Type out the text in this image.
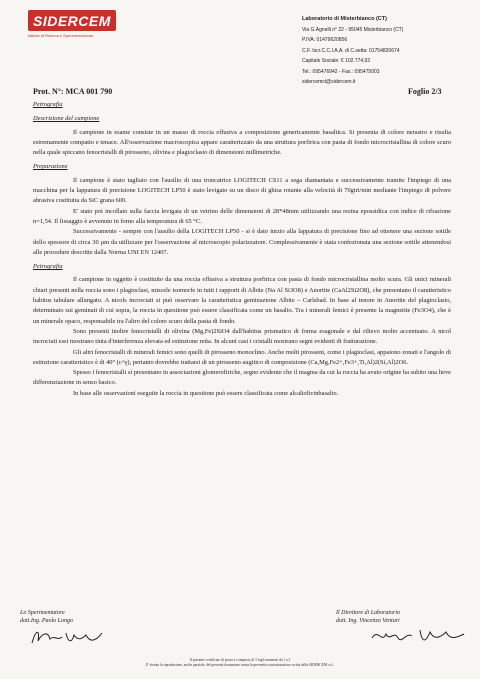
SIDERCEM
Istituto di Ricerca e Sperimentazione
Laboratorio di Misterbianco (CT)
Via G.Agnelli n° 22 - 95045 Misterbianco (CT)
P.IVA: 01479620856
C.F. Iscr.C.C.I.A.A. di C.setta: 01754820674
Capitale Sociale: € 102.774,92
Tel.: 095476942 - Fax.: 095475003
sidercemct@sidercem.it
Prot. N°: MCA 001 790	Foglio 2/3

Petrografia

Descrizione del campione

Il campione in esame consiste in un masso di roccia effusiva a composizione genericamente basaltica. Si presenta di colore nerastro e risulta estremamente compatto e tenace. All'osservazione macroscopica appare caratterizzato da una struttura porfirica con pasta di fondo microcristallina di colore scuro nella quale spiccano fenocristalli di pirosseno, olivina e plagioclasio di dimensioni millimetriche.

Preparazione

Il campione è stato tagliato con l'ausilio di una troncatrice LOGITECH CS11 a sega diamantata e successivamente tramite l'impiego di una macchina per la lappatura di precisione LOGITECH LP50 è stato levigato su un disco di ghisa rotante alla velocità di 70giri/min mediante l'impiego di polvere abrasiva costituita da SiC grana 600.

E' stato poi incollato sulla faccia levigata di un vetrino delle dimensioni di 28*48mm utilizzando una resina epossidica con indice di rifrazione n=1,54. Il fissaggio è avvenuto in forno alla temperatura di 65 °C.

Successivamente - sempre con l'ausilio della LOGITECH LP50 - si è dato inizio alla lappatura di precisione fino ad ottenere una sezione sottile dello spessore di circa 30 µm da utilizzare per l'osservazione al microscopio polarizzatore. Complessivamente è stata confezionata una sezione sottile attenendosi alle procedure descritte dalla Norma UNI EN 12407.

Petrografia

Il campione in oggetto è costituito da una roccia effusiva a struttura porfirica con pasta di fondo microcristallina molto scura. Gli unici minerali chiari presenti nella roccia sono i plagioclasi, miscele isomorfe in tutti i rapporti di Albite (Na Al Si3O8) e Anortite (CaAl2Si2O8), che presentano il caratteristico habitus tabulare allungato. A nicols incrociati si può osservare la caratteristica geminazione Albite – Carlsbad. In base al tenore in Anortite del plagioclasio, determinato sui geminati di cui sopra, la roccia in questione può essere classificata come un basalto. Tra i minerali femici è presente la magnetite (Fe3O4), che è un minerale opaco, responsabile tra l'altro del colore scuro della pasta di fondo.

Sono presenti inoltre fenocristalli di olivina (Mg,Fe)2SiO4 dall'habitus prismatico di forma esagonale e dal rilievo molto accentuato. A nicol incrociati essi mostrano tinta d'interferenza elevata ed estinzione retta. In alcuni casi i cristalli mostrano segni evidenti di fratturazione.

Gli altri fenocristalli di minerali femici sono quelli di pirosseno monoclino. Anche molti pirosseni, come i plagioclasi, appaiono zonati e l'angolo di estinzione caratteristico è di 40° (c^γ), pertanto dovrebbe trattarsi di un pirosseno augitico di composizione (Ca,Mg,Fe2+,Fe3+,Ti,Al)2(Si,Al)2O6.

Spesso i fenocristalli si presentano in associazioni glomerofiriche, segno evidente che il magma da cui la roccia ha avuto origine ha subito una lieve differenziazione in senso basico.

In base alle osservazioni eseguite la roccia in questione può essere classificata come alcaliolivinbasalto.

Lo Sperimentatore
dott.Ing. Paolo Longo
Il Direttore di Laboratorio
dott. Ing. Vincenzo Venturi
Il presente certificato di prova è composto di 3 fogli numerati da 1 a 3
E' vietata la riproduzione, anche parziale, del presente documento senza la preventiva autorizzazione scritta della SIDERCEM s.r.l.
